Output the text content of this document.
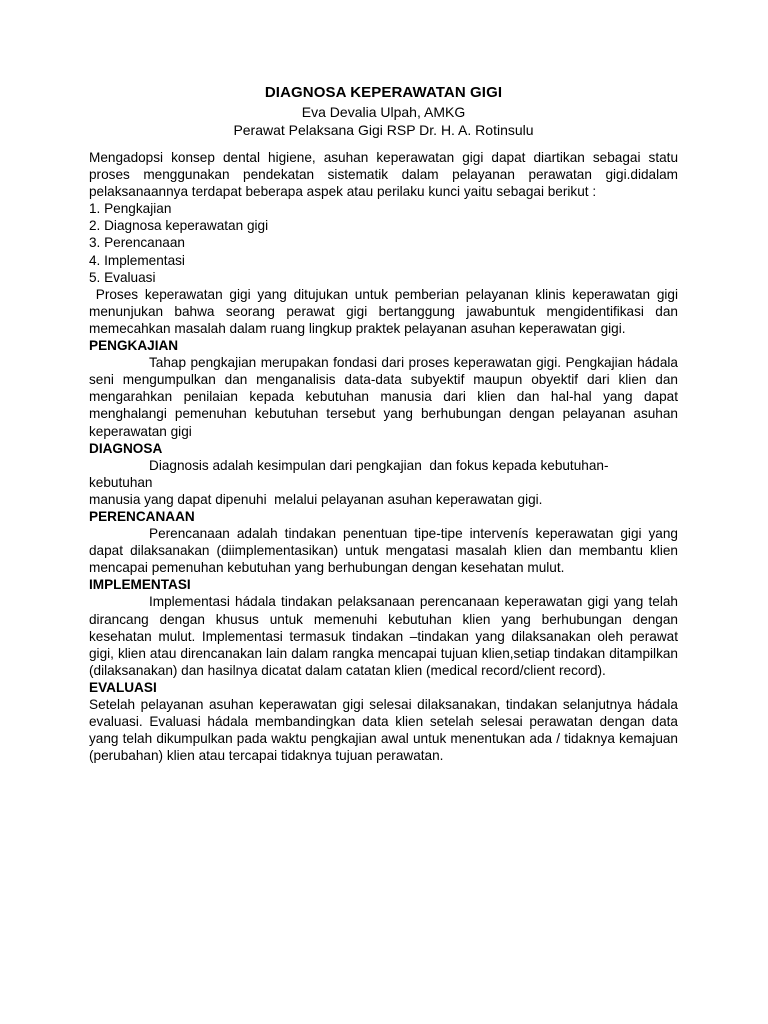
DIAGNOSA KEPERAWATAN GIGI
Eva Devalia Ulpah, AMKG
Perawat Pelaksana Gigi RSP Dr. H. A. Rotinsulu

Mengadopsi konsep dental higiene, asuhan keperawatan gigi dapat diartikan sebagai statu proses menggunakan pendekatan sistematik dalam pelayanan perawatan gigi.didalam pelaksanaannya terdapat beberapa aspek atau perilaku kunci yaitu sebagai berikut :

1. Pengkajian
2. Diagnosa keperawatan gigi
3. Perencanaan
4. Implementasi
5. Evaluasi

Proses keperawatan gigi yang ditujukan untuk pemberian pelayanan klinis keperawatan gigi menunjukan bahwa seorang perawat gigi bertanggung jawabuntuk mengidentifikasi dan memecahkan masalah dalam ruang lingkup praktek pelayanan asuhan keperawatan gigi.

PENGKAJIAN

Tahap pengkajian merupakan fondasi dari proses keperawatan gigi. Pengkajian hádala seni mengumpulkan dan menganalisis data-data subyektif maupun obyektif dari klien dan mengarahkan penilaian kepada kebutuhan manusia dari klien dan hal-hal yang dapat menghalangi pemenuhan kebutuhan tersebut yang berhubungan dengan pelayanan asuhan keperawatan gigi

DIAGNOSA
Diagnosis adalah kesimpulan dari pengkajian  dan fokus kepada kebutuhan-
kebutuhan
manusia yang dapat dipenuhi  melalui pelayanan asuhan keperawatan gigi.
PERENCANAAN

Perencanaan adalah tindakan penentuan tipe-tipe intervenís keperawatan gigi yang dapat dilaksanakan (diimplementasikan) untuk mengatasi masalah klien dan membantu klien mencapai pemenuhan kebutuhan yang berhubungan dengan kesehatan mulut.

IMPLEMENTASI

Implementasi hádala tindakan pelaksanaan perencanaan keperawatan gigi yang telah dirancang dengan khusus untuk memenuhi kebutuhan klien yang berhubungan dengan kesehatan mulut. Implementasi termasuk tindakan –tindakan yang dilaksanakan oleh perawat gigi, klien atau direncanakan lain dalam rangka mencapai tujuan klien,setiap tindakan ditampilkan (dilaksanakan) dan hasilnya dicatat dalam catatan klien (medical record/client record).

EVALUASI

Setelah pelayanan asuhan keperawatan gigi selesai dilaksanakan, tindakan selanjutnya hádala evaluasi. Evaluasi hádala membandingkan data klien setelah selesai perawatan dengan data yang telah dikumpulkan pada waktu pengkajian awal untuk menentukan ada / tidaknya kemajuan (perubahan) klien atau tercapai tidaknya tujuan perawatan.
